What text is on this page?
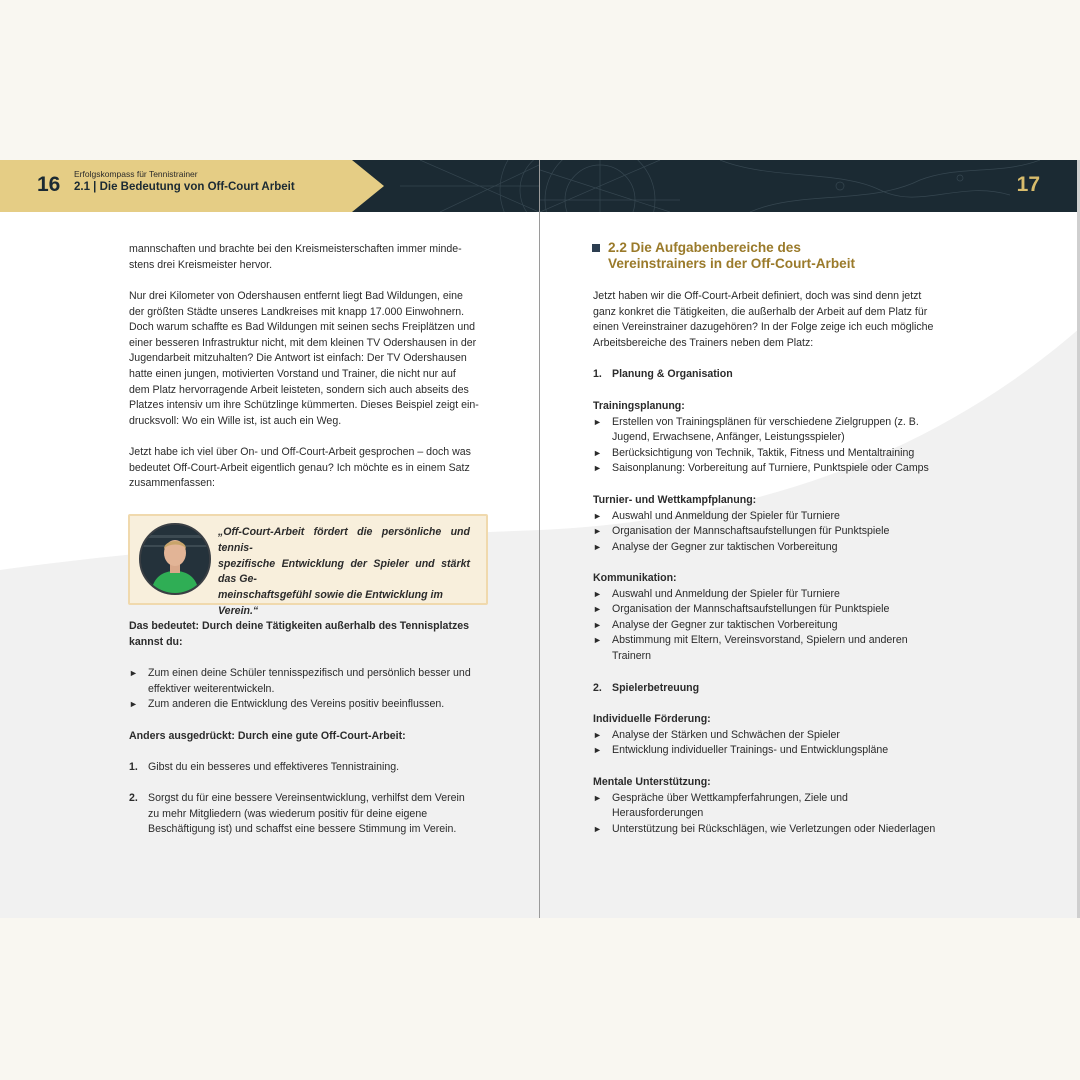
16 Erfolgskompass für Tennistrainer
2.1 | Die Bedeutung von Off-Court Arbeit

mannschaften und brachte bei den Kreismeisterschaften immer minde-

stens drei Kreismeister hervor.

Nur drei Kilometer von Odershausen entfernt liegt Bad Wildungen, eine

der größten Städte unseres Landkreises mit knapp 17.000 Einwohnern.

Doch warum schaffte es Bad Wildungen mit seinen sechs Freiplätzen und

einer besseren Infrastruktur nicht, mit dem kleinen TV Odershausen in der

Jugendarbeit mitzuhalten? Die Antwort ist einfach: Der TV Odershausen

hatte einen jungen, motivierten Vorstand und Trainer, die nicht nur auf

dem Platz hervorragende Arbeit leisteten, sondern sich auch abseits des

Platzes intensiv um ihre Schützlinge kümmerten. Dieses Beispiel zeigt ein-

drucksvoll: Wo ein Wille ist, ist auch ein Weg.

Jetzt habe ich viel über On- und Off-Court-Arbeit gesprochen – doch was

bedeutet Off-Court-Arbeit eigentlich genau? Ich möchte es in einem Satz

zusammenfassen:

„Off-Court-Arbeit fördert die persönliche und tennis-

spezifische Entwicklung der Spieler und stärkt das Ge-

meinschaftsgefühl sowie die Entwicklung im Verein.“

Das bedeutet: Durch deine Tätigkeiten außerhalb des Tennisplatzes

kannst du:

► Zum einen deine Schüler tennisspezifisch und persönlich besser und

effektiver weiterentwickeln.

► Zum anderen die Entwicklung des Vereins positiv beeinflussen.

Anders ausgedrückt: Durch eine gute Off-Court-Arbeit:
1. Gibst du ein besseres und effektiveres Tennistraining.

2. Sorgst du für eine bessere Vereinsentwicklung, verhilfst dem Verein

zu mehr Mitgliedern (was wiederum positiv für deine eigene

Beschäftigung ist) und schaffst eine bessere Stimmung im Verein.

17

2.2 Die Aufgabenbereiche des

Vereinstrainers in der Off-Court-Arbeit

Jetzt haben wir die Off-Court-Arbeit definiert, doch was sind denn jetzt

ganz konkret die Tätigkeiten, die außerhalb der Arbeit auf dem Platz für

einen Vereinstrainer dazugehören? In der Folge zeige ich euch mögliche

Arbeitsbereiche des Trainers neben dem Platz:

1. Planung & Organisation

Trainingsplanung:

► Erstellen von Trainingsplänen für verschiedene Zielgruppen (z. B.

Jugend, Erwachsene, Anfänger, Leistungsspieler)

► Berücksichtigung von Technik, Taktik, Fitness und Mentaltraining

► Saisonplanung: Vorbereitung auf Turniere, Punktspiele oder Camps

Turnier- und Wettkampfplanung:

► Auswahl und Anmeldung der Spieler für Turniere

► Organisation der Mannschaftsaufstellungen für Punktspiele

► Analyse der Gegner zur taktischen Vorbereitung

Kommunikation:

► Auswahl und Anmeldung der Spieler für Turniere

► Organisation der Mannschaftsaufstellungen für Punktspiele

► Analyse der Gegner zur taktischen Vorbereitung

► Abstimmung mit Eltern, Vereinsvorstand, Spielern und anderen

Trainern

2. Spielerbetreuung

Individuelle Förderung:

► Analyse der Stärken und Schwächen der Spieler

► Entwicklung individueller Trainings- und Entwicklungspläne

Mentale Unterstützung:

► Gespräche über Wettkampferfahrungen, Ziele und

Herausforderungen

► Unterstützung bei Rückschlägen, wie Verletzungen oder Niederlagen
